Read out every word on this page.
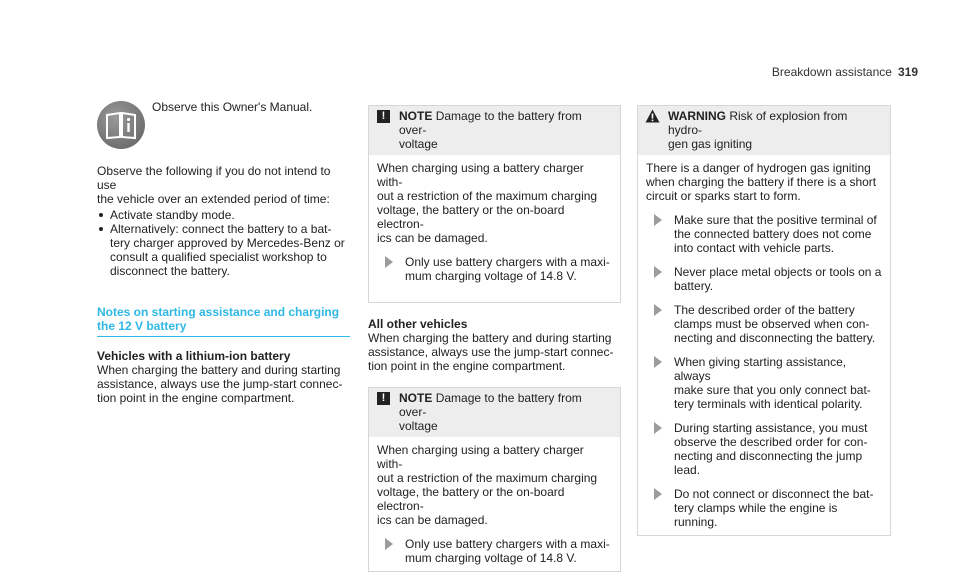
Breakdown assistance 319
Observe this Owner's Manual.

Observe the following if you do not intend to use
the vehicle over an extended period of time:

Activate standby mode.
Alternatively: connect the battery to a bat-
tery charger approved by Mercedes-Benz or
consult a qualified specialist workshop to
disconnect the battery.
Notes on starting assistance and charging
the 12 V battery
Vehicles with a lithium-ion battery

When charging the battery and during starting
assistance, always use the jump-start connec-
tion point in the engine compartment.

!	NOTE Damage to the battery from over-
voltage

When charging using a battery charger with-
out a restriction of the maximum charging
voltage, the battery or the on-board electron-
ics can be damaged.

Only use battery chargers with a maxi-
mum charging voltage of 14.8 V.
All other vehicles

When charging the battery and during starting
assistance, always use the jump-start connec-
tion point in the engine compartment.

!	NOTE Damage to the battery from over-
voltage

When charging using a battery charger with-
out a restriction of the maximum charging
voltage, the battery or the on-board electron-
ics can be damaged.

Only use battery chargers with a maxi-
mum charging voltage of 14.8 V.
WARNING Risk of explosion from hydro-
gen gas igniting

There is a danger of hydrogen gas igniting
when charging the battery if there is a short
circuit or sparks start to form.

Make sure that the positive terminal of
the connected battery does not come
into contact with vehicle parts.
Never place metal objects or tools on a
battery.
The described order of the battery
clamps must be observed when con-
necting and disconnecting the battery.
When giving starting assistance, always
make sure that you only connect bat-
tery terminals with identical polarity.
During starting assistance, you must
observe the described order for con-
necting and disconnecting the jump
lead.
Do not connect or disconnect the bat-
tery clamps while the engine is running.
